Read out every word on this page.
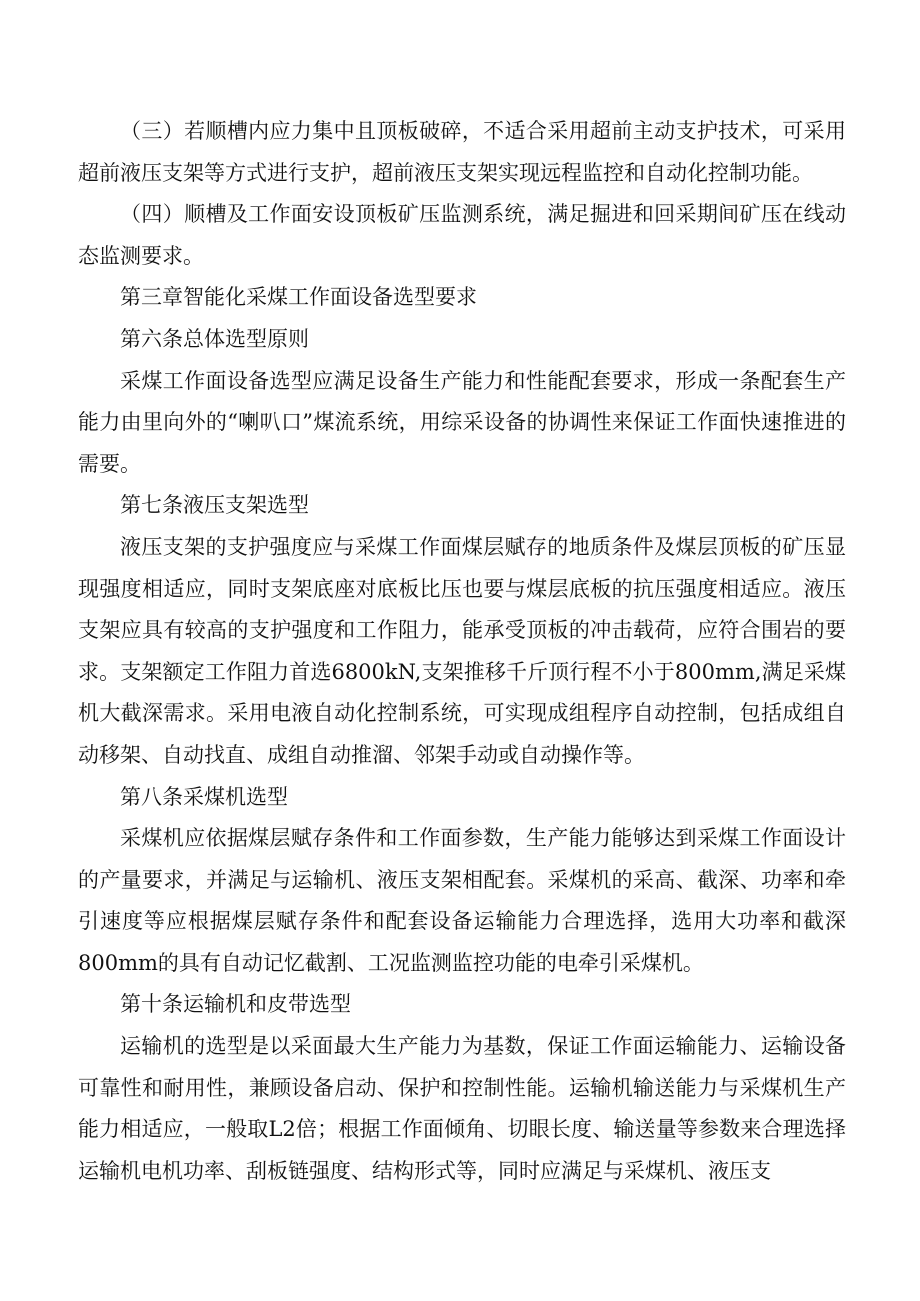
（三）若顺槽内应力集中且顶板破碎，不适合采用超前主动支护技术，可采用超前液压支架等方式进行支护，超前液压支架实现远程监控和自动化控制功能。

（四）顺槽及工作面安设顶板矿压监测系统，满足掘进和回采期间矿压在线动态监测要求。

第三章智能化采煤工作面设备选型要求

第六条总体选型原则

采煤工作面设备选型应满足设备生产能力和性能配套要求，形成一条配套生产能力由里向外的“喇叭口”煤流系统，用综采设备的协调性来保证工作面快速推进的需要。

第七条液压支架选型

液压支架的支护强度应与采煤工作面煤层赋存的地质条件及煤层顶板的矿压显现强度相适应，同时支架底座对底板比压也要与煤层底板的抗压强度相适应。液压支架应具有较高的支护强度和工作阻力，能承受顶板的冲击载荷，应符合围岩的要求。支架额定工作阻力首选6800kN,支架推移千斤顶行程不小于800mm,满足采煤机大截深需求。采用电液自动化控制系统，可实现成组程序自动控制，包括成组自动移架、自动找直、成组自动推溜、邻架手动或自动操作等。

第八条采煤机选型

采煤机应依据煤层赋存条件和工作面参数，生产能力能够达到采煤工作面设计的产量要求，并满足与运输机、液压支架相配套。采煤机的采高、截深、功率和牵引速度等应根据煤层赋存条件和配套设备运输能力合理选择，选用大功率和截深800mm的具有自动记忆截割、工况监测监控功能的电牵引采煤机。

第十条运输机和皮带选型

运输机的选型是以采面最大生产能力为基数，保证工作面运输能力、运输设备可靠性和耐用性，兼顾设备启动、保护和控制性能。运输机输送能力与采煤机生产能力相适应，一般取L2倍；根据工作面倾角、切眼长度、输送量等参数来合理选择运输机电机功率、刮板链强度、结构形式等，同时应满足与采煤机、液压支
